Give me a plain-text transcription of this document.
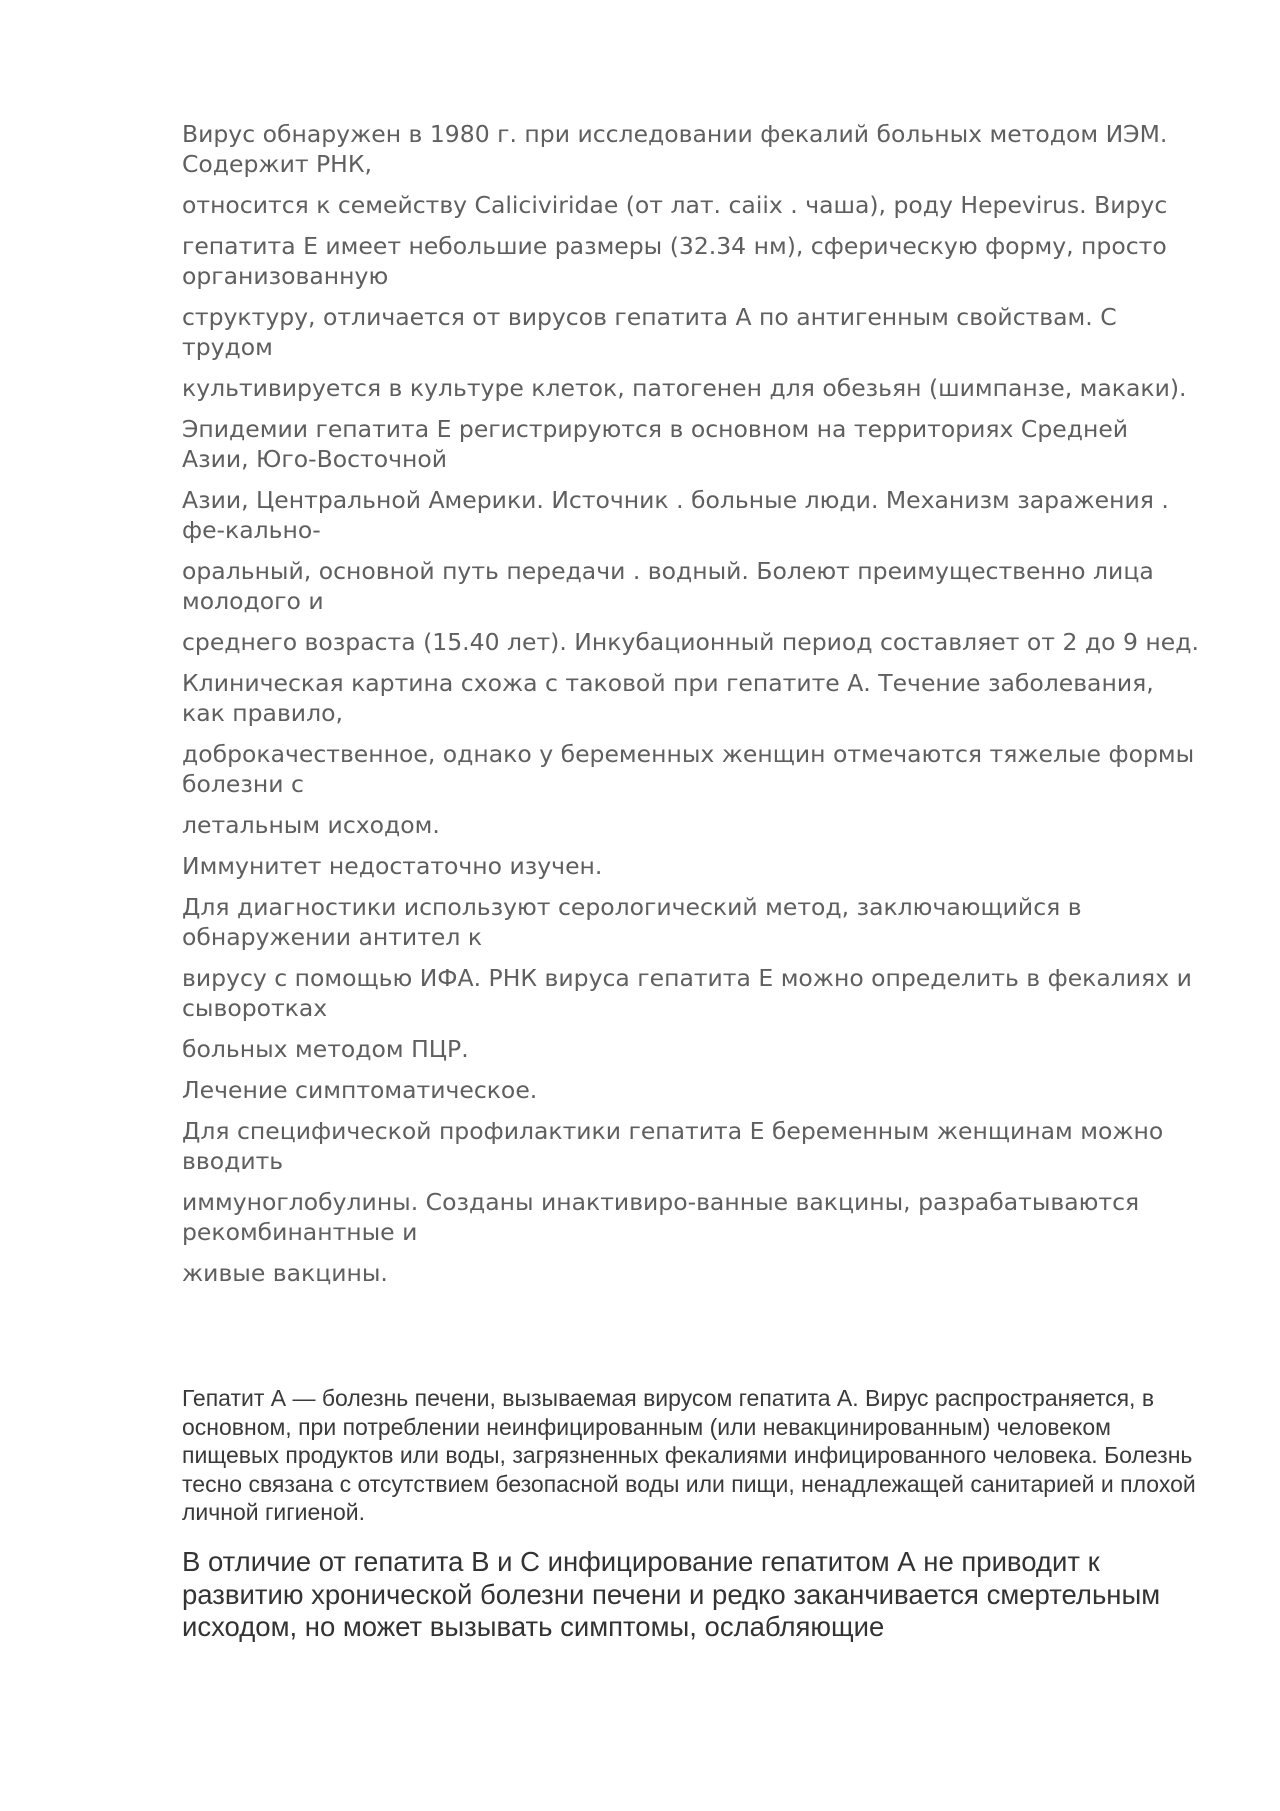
Вирус обнаружен в 1980 г. при исследовании фекалий больных методом ИЭМ. Содержит РНК,

относится к семейству Caliciviridae (от лат. caiix . чаша), роду Hepevirus. Вирус

гепатита E имеет небольшие размеры (32.34 нм), сферическую форму, просто организованную

структуру, отличается от вирусов гепатита А по антигенным свойствам. С трудом

культивируется в культуре клеток, патогенен для обезьян (шимпанзе, макаки).

Эпидемии гепатита Е регистрируются в основном на территориях Средней Азии, Юго-Восточной

Азии, Центральной Америки. Источник . больные люди. Механизм заражения . фе-кально-

оральный, основной путь передачи . водный. Болеют преимущественно лица молодого и

среднего возраста (15.40 лет). Инкубационный период составляет от 2 до 9 нед.

Клиническая картина схожа с таковой при гепатите А. Течение заболевания, как правило,

доброкачественное, однако у беременных женщин отмечаются тяжелые формы болезни с

летальным исходом.

Иммунитет недостаточно изучен.

Для диагностики используют серологический метод, заключающийся в обнаружении антител к

вирусу с помощью ИФА. РНК вируса гепатита E можно определить в фекалиях и сыворотках

больных методом ПЦР.

Лечение симптоматическое.

Для специфической профилактики гепатита Е беременным женщинам можно вводить

иммуноглобулины. Созданы инактивиро-ванные вакцины, разрабатываются рекомбинантные и

живые вакцины.

Гепатит А — болезнь печени, вызываемая вирусом гепатита А. Вирус распространяется, в основном, при потреблении неинфицированным (или невакцинированным) человеком пищевых продуктов или воды, загрязненных фекалиями инфицированного человека. Болезнь тесно связана с отсутствием безопасной воды или пищи, ненадлежащей санитарией и плохой личной гигиеной.

В отличие от гепатита В и С инфицирование гепатитом А не приводит к развитию хронической болезни печени и редко заканчивается смертельным исходом, но может вызывать симптомы, ослабляющие
